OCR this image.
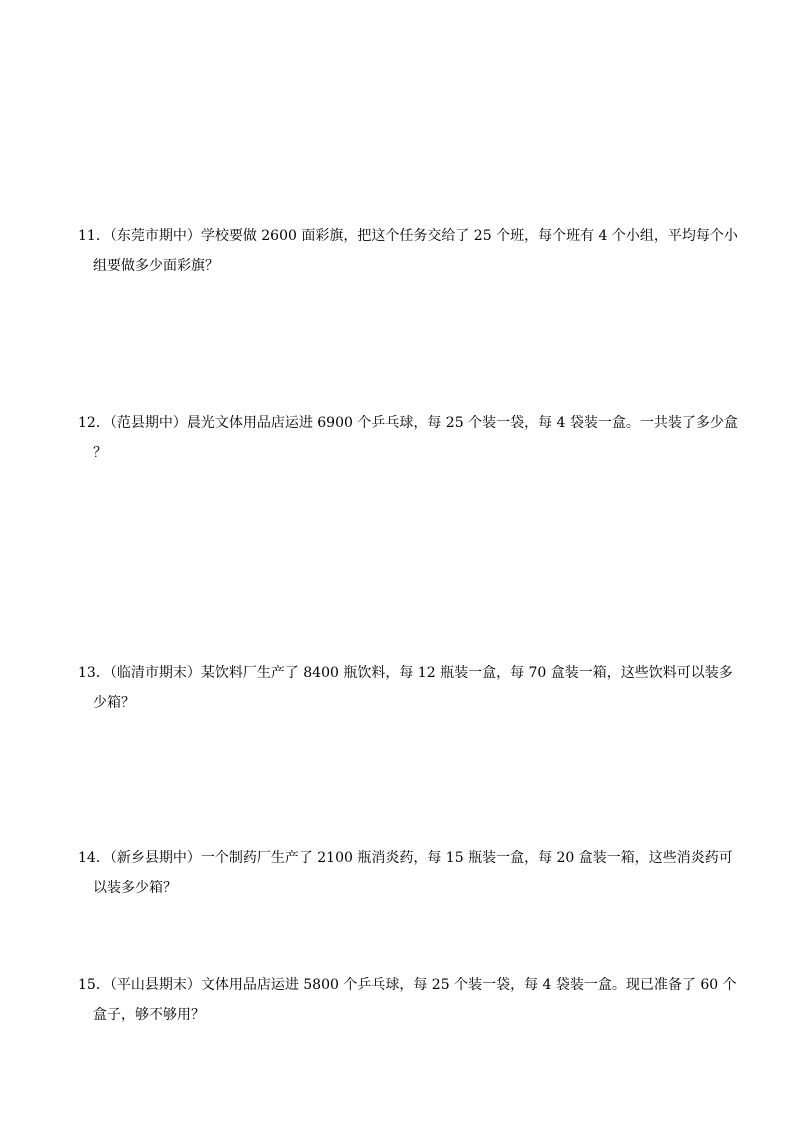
11．（东莞市期中）学校要做 2600 面彩旗，把这个任务交给了 25 个班，每个班有 4 个小组，平均每个小
组要做多少面彩旗？
12．（范县期中）晨光文体用品店运进 6900 个乒乓球，每 25 个装一袋，每 4 袋装一盒。一共装了多少盒
？
13．（临清市期末）某饮料厂生产了 8400 瓶饮料，每 12 瓶装一盒，每 70 盒装一箱，这些饮料可以装多
少箱？
14．（新乡县期中）一个制药厂生产了 2100 瓶消炎药，每 15 瓶装一盒，每 20 盒装一箱，这些消炎药可
以装多少箱？
15．（平山县期末）文体用品店运进 5800 个乒乓球，每 25 个装一袋，每 4 袋装一盒。现已准备了 60 个
盒子，够不够用？
